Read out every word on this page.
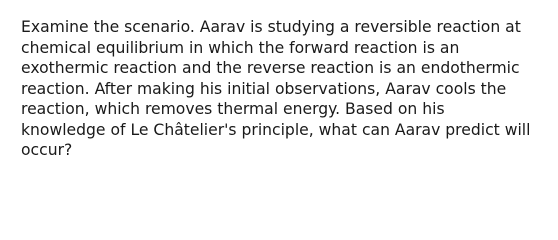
Examine the scenario. Aarav is studying a reversible reaction at
chemical equilibrium in which the forward reaction is an
exothermic reaction and the reverse reaction is an endothermic
reaction. After making his initial observations, Aarav cools the
reaction, which removes thermal energy. Based on his
knowledge of Le Châtelier's principle, what can Aarav predict will
occur?
